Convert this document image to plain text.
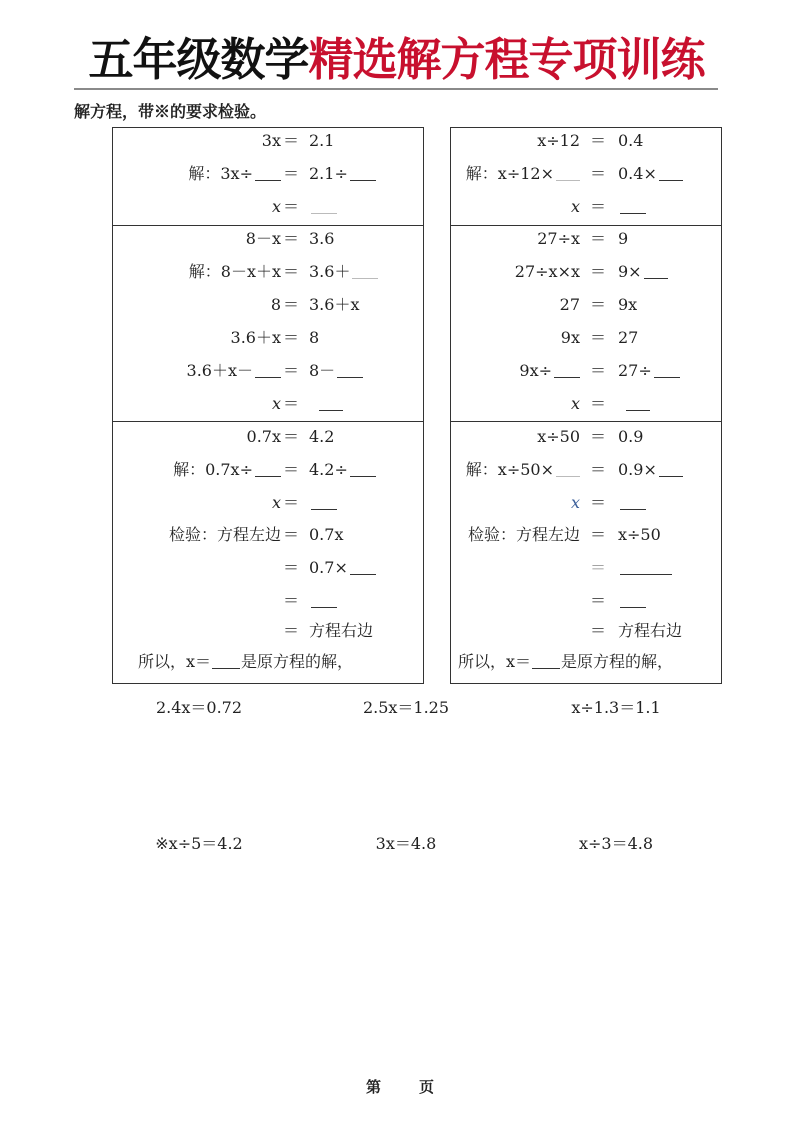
五年级数学精选解方程专项训练
解方程，带※的要求检验。
3x ＝ 2.1
解：3x÷	＝ 2.1÷
x ＝
8－x ＝ 3.6
解：8－x＋x ＝ 3.6＋
8 ＝ 3.6＋x
3.6＋x ＝ 8
3.6＋x－	＝ 8－
x ＝
0.7x ＝ 4.2
解：0.7x÷	＝ 4.2÷
x ＝
检验：方程左边 ＝ 0.7x
＝ 0.7×
＝
＝ 方程右边
所以，x＝ 是原方程的解，
x÷12 ＝ 0.4
解：x÷12×	＝ 0.4×
x ＝
27÷x ＝ 9
27÷x×x ＝ 9×
27 ＝ 9x
9x ＝ 27
9x÷	＝ 27÷
x ＝
x÷50 ＝ 0.9
解：x÷50×	＝ 0.9×
x ＝
检验：方程左边 ＝ x÷50
＝
＝
＝ 方程右边
所以，x＝ 是原方程的解，
2.4x＝0.72	2.5x＝1.25	x÷1.3＝1.1
※x÷5＝4.2	3x＝4.8	x÷3＝4.8
第	页
